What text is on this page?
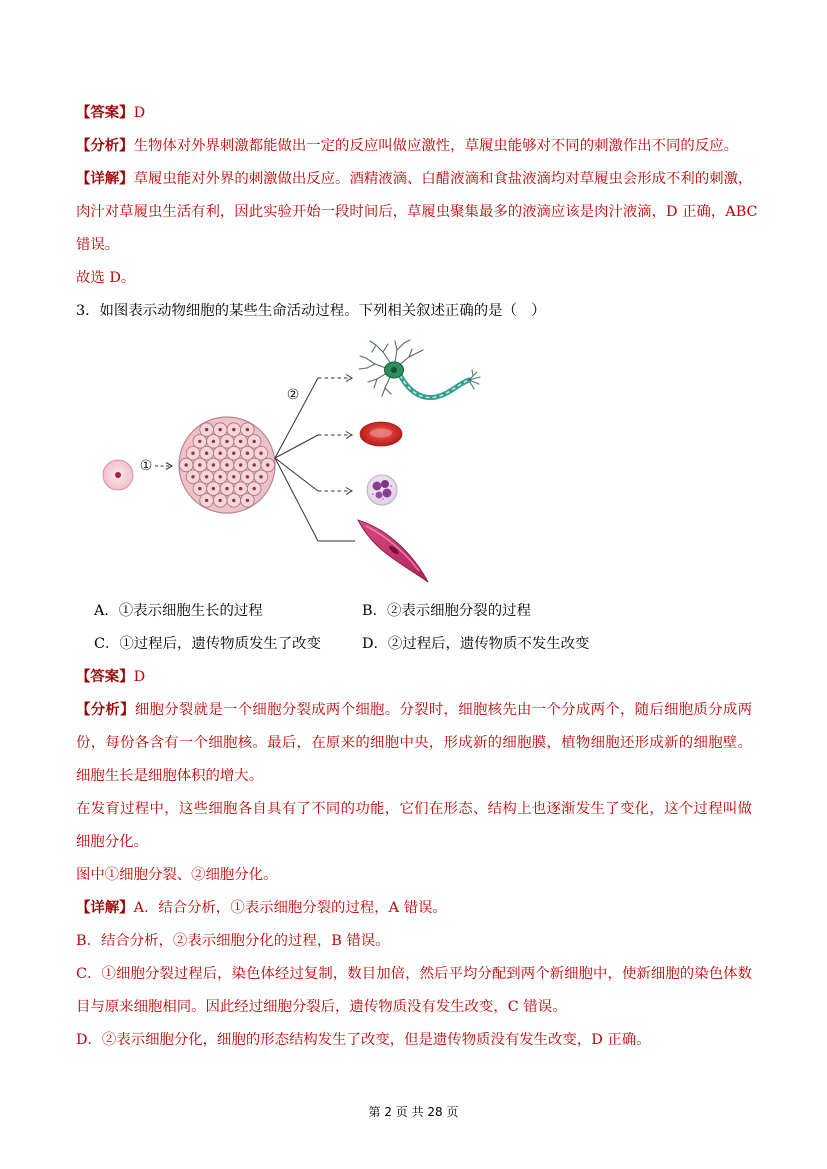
【答案】D
【分析】生物体对外界刺激都能做出一定的反应叫做应激性，草履虫能够对不同的刺激作出不同的反应。
【详解】草履虫能对外界的刺激做出反应。酒精液滴、白醋液滴和食盐液滴均对草履虫会形成不利的刺激，
肉汁对草履虫生活有利，因此实验开始一段时间后，草履虫聚集最多的液滴应该是肉汁液滴，D 正确，ABC
错误。
故选 D。
3．如图表示动物细胞的某些生命活动过程。下列相关叙述正确的是（　）
①
②
A．①表示细胞生长的过程	B．②表示细胞分裂的过程
C．①过程后，遗传物质发生了改变	D．②过程后，遗传物质不发生改变
【答案】D
【分析】细胞分裂就是一个细胞分裂成两个细胞。分裂时，细胞核先由一个分成两个，随后细胞质分成两
份，每份各含有一个细胞核。最后，在原来的细胞中央，形成新的细胞膜，植物细胞还形成新的细胞壁。
细胞生长是细胞体积的增大。
在发育过程中，这些细胞各自具有了不同的功能，它们在形态、结构上也逐渐发生了变化，这个过程叫做
细胞分化。
图中①细胞分裂、②细胞分化。
【详解】A．结合分析，①表示细胞分裂的过程，A 错误。
B．结合分析，②表示细胞分化的过程，B 错误。
C．①细胞分裂过程后，染色体经过复制，数目加倍，然后平均分配到两个新细胞中，使新细胞的染色体数
目与原来细胞相同。因此经过细胞分裂后，遗传物质没有发生改变，C 错误。
D．②表示细胞分化，细胞的形态结构发生了改变，但是遗传物质没有发生改变，D 正确。
第 2 页 共 28 页
